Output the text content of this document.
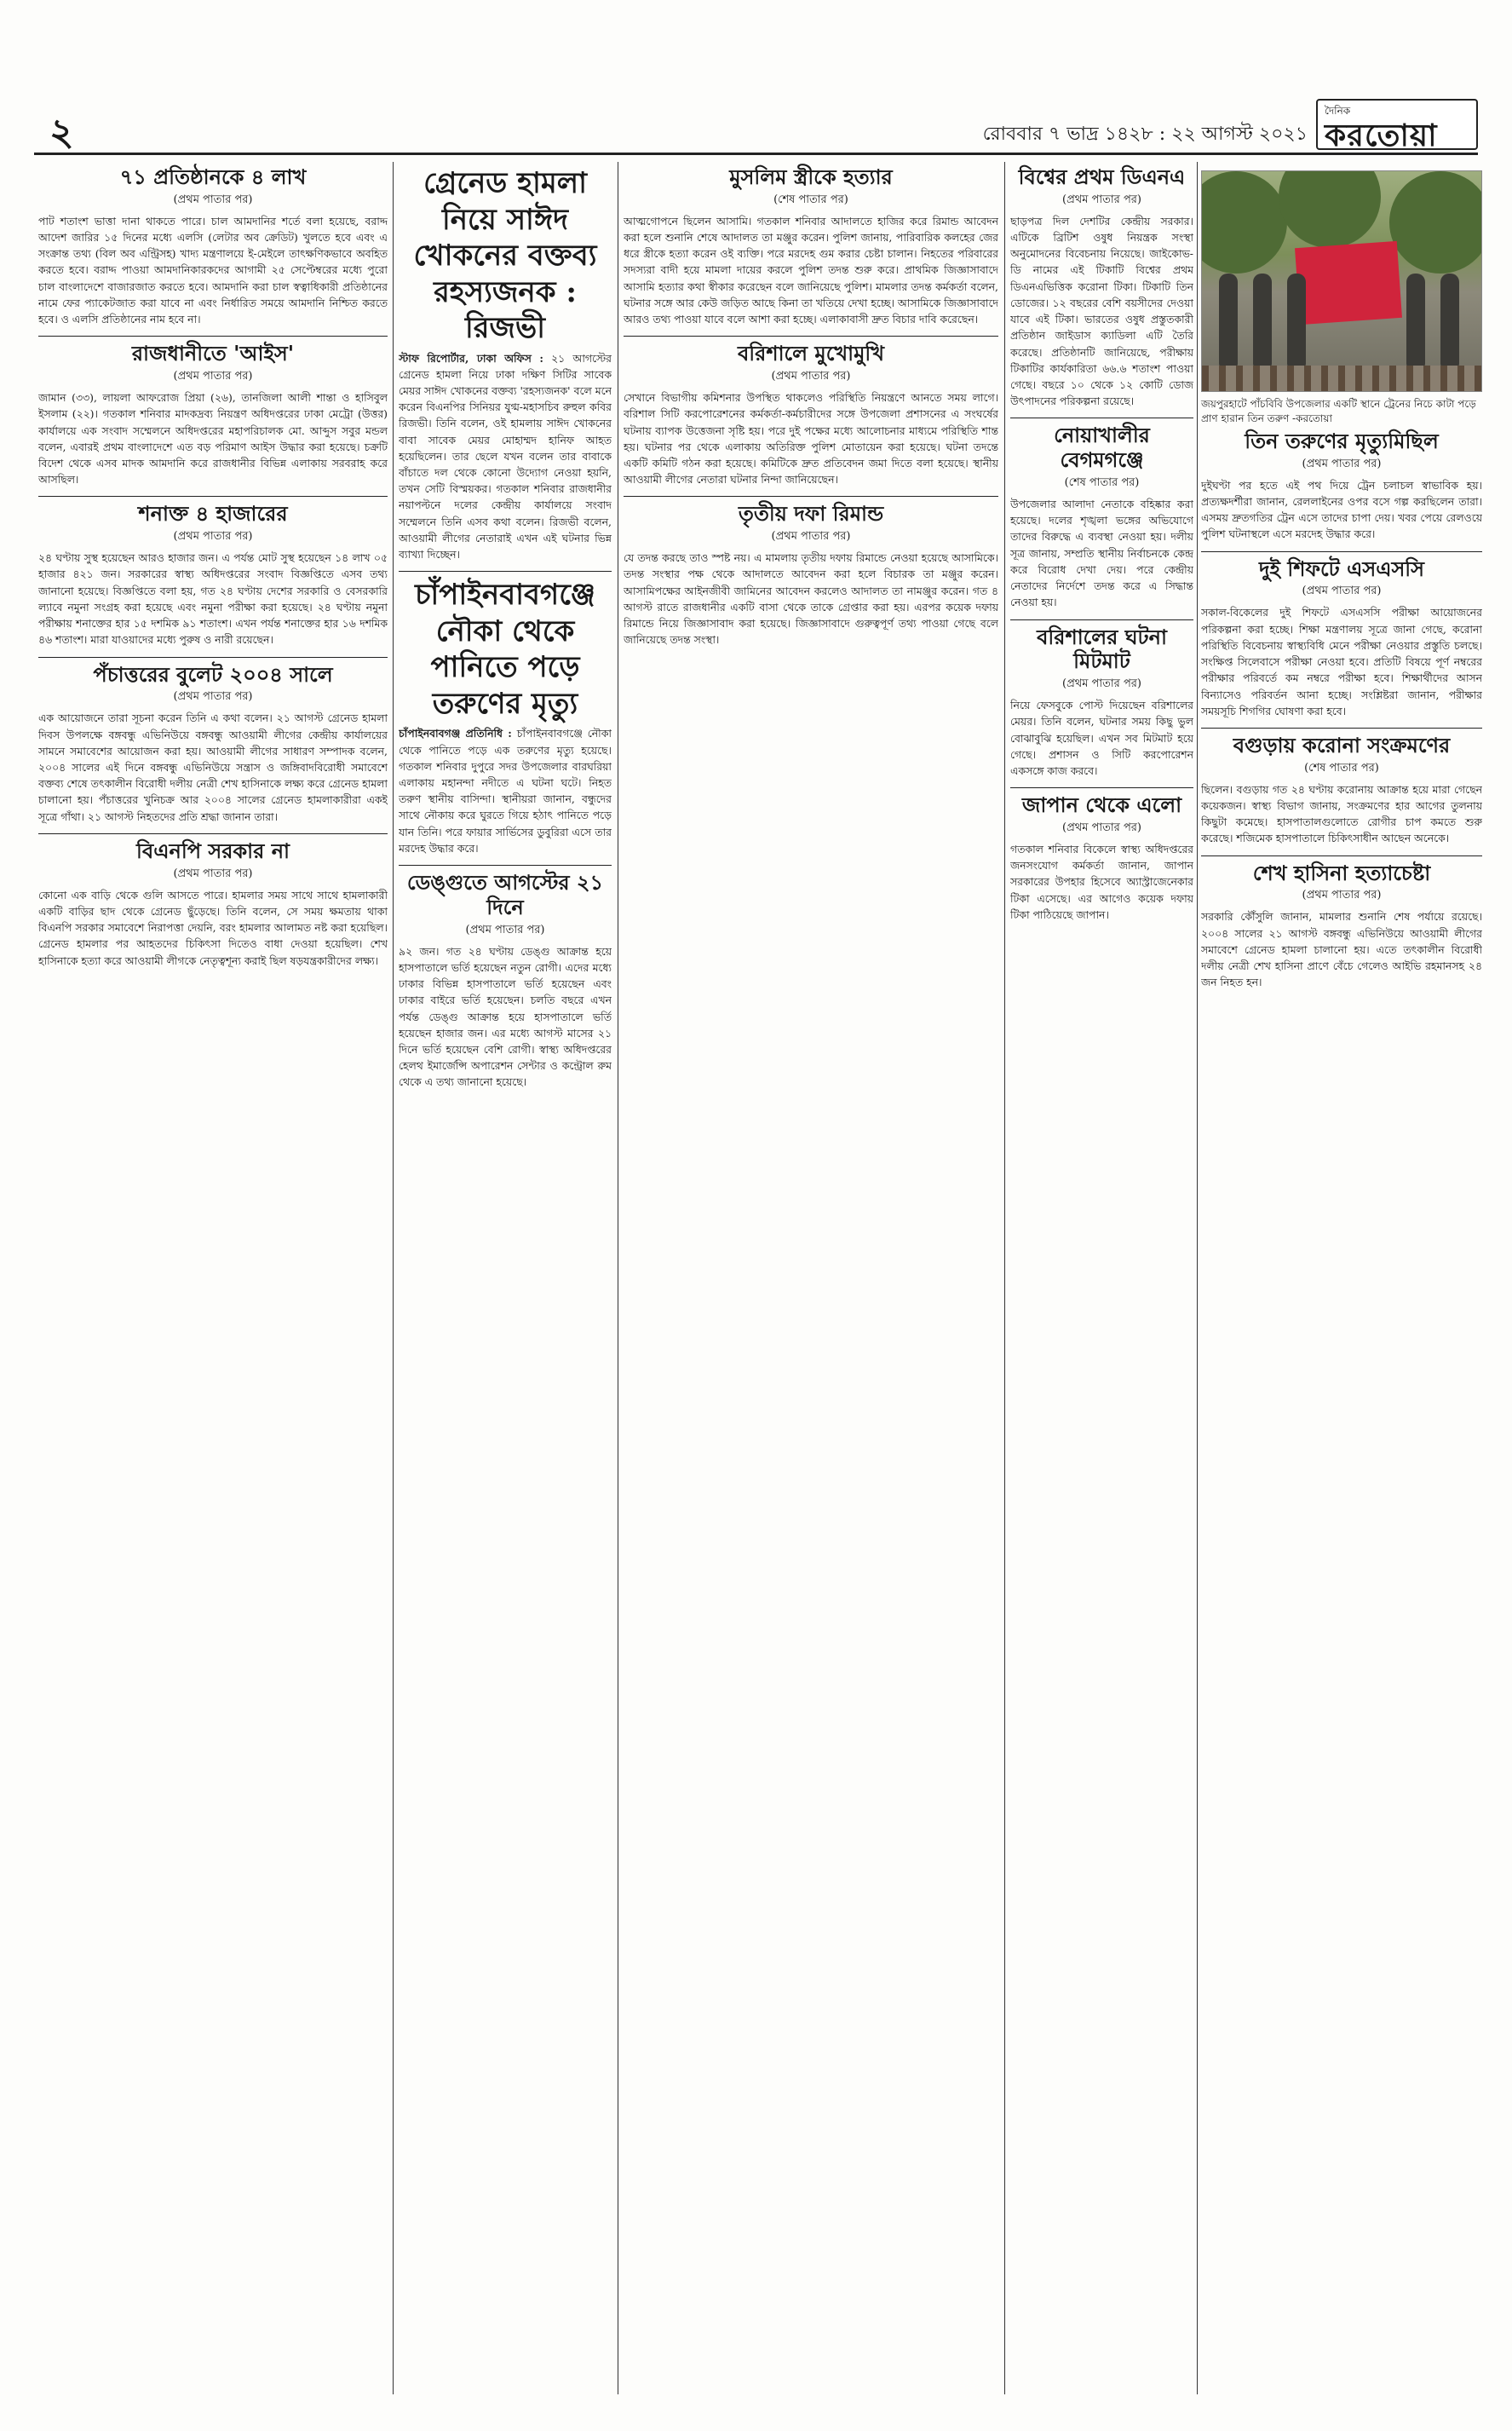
২	রোববার ৭ ভাদ্র ১৪২৮ : ২২ আগস্ট ২০২১
দৈনিক
করতোয়া
৭১ প্রতিষ্ঠানকে ৪ লাখ
(প্রথম পাতার পর)

পাট শতাংশ ভাত্তা দানা থাকতে পারে। চাল আমদানির শর্তে বলা হয়েছে, বরাদ্দ আদেশ জারির ১৫ দিনের মধ্যে এলসি (লেটার অব ক্রেডিট) খুলতে হবে এবং এ সংক্রান্ত তথ্য (বিল অব এন্ট্রিসহ) খাদ্য মন্ত্রণালয়ে ই-মেইলে তাৎক্ষণিকভাবে অবহিত করতে হবে। বরাদ্দ পাওয়া আমদানিকারকদের আগামী ২৫ সেপ্টেম্বরের মধ্যে পুরো চাল বাংলাদেশে বাজারজাত করতে হবে। আমদানি করা চাল স্বত্বাধিকারী প্রতিষ্ঠানের নামে ফের প্যাকেটজাত করা যাবে না এবং নির্ধারিত সময়ে আমদানি নিশ্চিত করতে হবে। ও এলসি প্রতিষ্ঠানের নাম হবে না।

রাজধানীতে 'আইস'
(প্রথম পাতার পর)

জামান (৩৩), লায়লা আফরোজ প্রিয়া (২৬), তানজিলা আলী শান্তা ও হাসিবুল ইসলাম (২২)। গতকাল শনিবার মাদকদ্রব্য নিয়ন্ত্রণ অধিদপ্তরের ঢাকা মেট্রো (উত্তর) কার্যালয়ে এক সংবাদ সম্মেলনে অধিদপ্তরের মহাপরিচালক মো. আব্দুস সবুর মন্ডল বলেন, এবারই প্রথম বাংলাদেশে এত বড় পরিমাণ আইস উদ্ধার করা হয়েছে। চক্রটি বিদেশ থেকে এসব মাদক আমদানি করে রাজধানীর বিভিন্ন এলাকায় সরবরাহ করে আসছিল।

শনাক্ত ৪ হাজারের
(প্রথম পাতার পর)

২৪ ঘণ্টায় সুস্থ হয়েছেন আরও হাজার জন। এ পর্যন্ত মোট সুস্থ হয়েছেন ১৪ লাখ ০৫ হাজার ৪২১ জন। সরকারের স্বাস্থ্য অধিদপ্তরের সংবাদ বিজ্ঞপ্তিতে এসব তথ্য জানানো হয়েছে। বিজ্ঞপ্তিতে বলা হয়, গত ২৪ ঘণ্টায় দেশের সরকারি ও বেসরকারি ল্যাবে নমুনা সংগ্রহ করা হয়েছে এবং নমুনা পরীক্ষা করা হয়েছে। ২৪ ঘণ্টায় নমুনা পরীক্ষায় শনাক্তের হার ১৫ দশমিক ৯১ শতাংশ। এখন পর্যন্ত শনাক্তের হার ১৬ দশমিক ৪৬ শতাংশ। মারা যাওয়াদের মধ্যে পুরুষ ও নারী রয়েছেন।

পঁচাত্তরের বুলেট ২০০৪ সালে
(প্রথম পাতার পর)

এক আয়োজনে তারা সূচনা করেন তিনি এ কথা বলেন। ২১ আগস্ট গ্রেনেড হামলা দিবস উপলক্ষে বঙ্গবন্ধু এভিনিউয়ে বঙ্গবন্ধু আওয়ামী লীগের কেন্দ্রীয় কার্যালয়ের সামনে সমাবেশের আয়োজন করা হয়। আওয়ামী লীগের সাধারণ সম্পাদক বলেন, ২০০৪ সালের এই দিনে বঙ্গবন্ধু এভিনিউয়ে সন্ত্রাস ও জঙ্গিবাদবিরোধী সমাবেশে বক্তব্য শেষে তৎকালীন বিরোধী দলীয় নেত্রী শেখ হাসিনাকে লক্ষ্য করে গ্রেনেড হামলা চালানো হয়। পঁচাত্তরের খুনিচক্র আর ২০০৪ সালের গ্রেনেড হামলাকারীরা একই সূত্রে গাঁথা। ২১ আগস্ট নিহতদের প্রতি শ্রদ্ধা জানান তারা।

বিএনপি সরকার না
(প্রথম পাতার পর)

কোনো এক বাড়ি থেকে গুলি আসতে পারে। হামলার সময় সাথে সাথে হামলাকারী একটি বাড়ির ছাদ থেকে গ্রেনেড ছুঁড়েছে। তিনি বলেন, সে সময় ক্ষমতায় থাকা বিএনপি সরকার সমাবেশে নিরাপত্তা দেয়নি, বরং হামলার আলামত নষ্ট করা হয়েছিল। গ্রেনেড হামলার পর আহতদের চিকিৎসা দিতেও বাধা দেওয়া হয়েছিল। শেখ হাসিনাকে হত্যা করে আওয়ামী লীগকে নেতৃত্বশূন্য করাই ছিল ষড়যন্ত্রকারীদের লক্ষ্য।

গ্রেনেড হামলা নিয়ে সাঈদ খোকনের বক্তব্য রহস্যজনক : রিজভী

স্টাফ রিপোর্টার, ঢাকা অফিস : ২১ আগস্টের গ্রেনেড হামলা নিয়ে ঢাকা দক্ষিণ সিটির সাবেক মেয়র সাঈদ খোকনের বক্তব্য 'রহস্যজনক' বলে মনে করেন বিএনপির সিনিয়র যুগ্ম-মহাসচিব রুহুল কবির রিজভী। তিনি বলেন, ওই হামলায় সাঈদ খোকনের বাবা সাবেক মেয়র মোহাম্মদ হানিফ আহত হয়েছিলেন। তার ছেলে যখন বলেন তার বাবাকে বাঁচাতে দল থেকে কোনো উদ্যোগ নেওয়া হয়নি, তখন সেটি বিস্ময়কর। গতকাল শনিবার রাজধানীর নয়াপল্টনে দলের কেন্দ্রীয় কার্যালয়ে সংবাদ সম্মেলনে তিনি এসব কথা বলেন। রিজভী বলেন, আওয়ামী লীগের নেতারাই এখন এই ঘটনার ভিন্ন ব্যাখ্যা দিচ্ছেন।

চাঁপাইনবাবগঞ্জে নৌকা থেকে পানিতে পড়ে তরুণের মৃত্যু

চাঁপাইনবাবগঞ্জ প্রতিনিধি : চাঁপাইনবাবগঞ্জে নৌকা থেকে পানিতে পড়ে এক তরুণের মৃত্যু হয়েছে। গতকাল শনিবার দুপুরে সদর উপজেলার বারঘরিয়া এলাকায় মহানন্দা নদীতে এ ঘটনা ঘটে। নিহত তরুণ স্থানীয় বাসিন্দা। স্থানীয়রা জানান, বন্ধুদের সাথে নৌকায় করে ঘুরতে গিয়ে হঠাৎ পানিতে পড়ে যান তিনি। পরে ফায়ার সার্ভিসের ডুবুরিরা এসে তার মরদেহ উদ্ধার করে।

ডেঙ্গুতে আগস্টের ২১ দিনে
(প্রথম পাতার পর)

৯২ জন। গত ২৪ ঘণ্টায় ডেঙ্গু আক্রান্ত হয়ে হাসপাতালে ভর্তি হয়েছেন নতুন রোগী। এদের মধ্যে ঢাকার বিভিন্ন হাসপাতালে ভর্তি হয়েছেন এবং ঢাকার বাইরে ভর্তি হয়েছেন। চলতি বছরে এখন পর্যন্ত ডেঙ্গু আক্রান্ত হয়ে হাসপাতালে ভর্তি হয়েছেন হাজার জন। এর মধ্যে আগস্ট মাসের ২১ দিনে ভর্তি হয়েছেন বেশি রোগী। স্বাস্থ্য অধিদপ্তরের হেলথ ইমার্জেন্সি অপারেশন সেন্টার ও কন্ট্রোল রুম থেকে এ তথ্য জানানো হয়েছে।

মুসলিম স্ত্রীকে হত্যার
(শেষ পাতার পর)

আত্মগোপনে ছিলেন আসামি। গতকাল শনিবার আদালতে হাজির করে রিমান্ড আবেদন করা হলে শুনানি শেষে আদালত তা মঞ্জুর করেন। পুলিশ জানায়, পারিবারিক কলহের জের ধরে স্ত্রীকে হত্যা করেন ওই ব্যক্তি। পরে মরদেহ গুম করার চেষ্টা চালান। নিহতের পরিবারের সদস্যরা বাদী হয়ে মামলা দায়ের করলে পুলিশ তদন্ত শুরু করে। প্রাথমিক জিজ্ঞাসাবাদে আসামি হত্যার কথা স্বীকার করেছেন বলে জানিয়েছে পুলিশ। মামলার তদন্ত কর্মকর্তা বলেন, ঘটনার সঙ্গে আর কেউ জড়িত আছে কিনা তা খতিয়ে দেখা হচ্ছে। আসামিকে জিজ্ঞাসাবাদে আরও তথ্য পাওয়া যাবে বলে আশা করা হচ্ছে। এলাকাবাসী দ্রুত বিচার দাবি করেছেন।

বরিশালে মুখোমুখি
(প্রথম পাতার পর)

সেখানে বিভাগীয় কমিশনার উপস্থিত থাকলেও পরিস্থিতি নিয়ন্ত্রণে আনতে সময় লাগে। বরিশাল সিটি করপোরেশনের কর্মকর্তা-কর্মচারীদের সঙ্গে উপজেলা প্রশাসনের এ সংঘর্ষের ঘটনায় ব্যাপক উত্তেজনা সৃষ্টি হয়। পরে দুই পক্ষের মধ্যে আলোচনার মাধ্যমে পরিস্থিতি শান্ত হয়। ঘটনার পর থেকে এলাকায় অতিরিক্ত পুলিশ মোতায়েন করা হয়েছে। ঘটনা তদন্তে একটি কমিটি গঠন করা হয়েছে। কমিটিকে দ্রুত প্রতিবেদন জমা দিতে বলা হয়েছে। স্থানীয় আওয়ামী লীগের নেতারা ঘটনার নিন্দা জানিয়েছেন।

তৃতীয় দফা রিমান্ড
(প্রথম পাতার পর)

যে তদন্ত করছে তাও স্পষ্ট নয়। এ মামলায় তৃতীয় দফায় রিমান্ডে নেওয়া হয়েছে আসামিকে। তদন্ত সংস্থার পক্ষ থেকে আদালতে আবেদন করা হলে বিচারক তা মঞ্জুর করেন। আসামিপক্ষের আইনজীবী জামিনের আবেদন করলেও আদালত তা নামঞ্জুর করেন। গত ৪ আগস্ট রাতে রাজধানীর একটি বাসা থেকে তাকে গ্রেপ্তার করা হয়। এরপর কয়েক দফায় রিমান্ডে নিয়ে জিজ্ঞাসাবাদ করা হয়েছে। জিজ্ঞাসাবাদে গুরুত্বপূর্ণ তথ্য পাওয়া গেছে বলে জানিয়েছে তদন্ত সংস্থা।

বিশ্বের প্রথম ডিএনএ
(প্রথম পাতার পর)

ছাড়পত্র দিল দেশটির কেন্দ্রীয় সরকার। এটিকে ব্রিটিশ ওষুধ নিয়ন্ত্রক সংস্থা অনুমোদনের বিবেচনায় নিয়েছে। জাইকোভ-ডি নামের এই টিকাটি বিশ্বের প্রথম ডিএনএভিত্তিক করোনা টিকা। টিকাটি তিন ডোজের। ১২ বছরের বেশি বয়সীদের দেওয়া যাবে এই টিকা। ভারতের ওষুধ প্রস্তুতকারী প্রতিষ্ঠান জাইডাস ক্যাডিলা এটি তৈরি করেছে। প্রতিষ্ঠানটি জানিয়েছে, পরীক্ষায় টিকাটির কার্যকারিতা ৬৬.৬ শতাংশ পাওয়া গেছে। বছরে ১০ থেকে ১২ কোটি ডোজ উৎপাদনের পরিকল্পনা রয়েছে।

নোয়াখালীর বেগমগঞ্জে
(শেষ পাতার পর)

উপজেলার আলাদা নেতাকে বহিষ্কার করা হয়েছে। দলের শৃঙ্খলা ভঙ্গের অভিযোগে তাদের বিরুদ্ধে এ ব্যবস্থা নেওয়া হয়। দলীয় সূত্র জানায়, সম্প্রতি স্থানীয় নির্বাচনকে কেন্দ্র করে বিরোধ দেখা দেয়। পরে কেন্দ্রীয় নেতাদের নির্দেশে তদন্ত করে এ সিদ্ধান্ত নেওয়া হয়।

বরিশালের ঘটনা মিটমাট
(প্রথম পাতার পর)

নিয়ে ফেসবুকে পোস্ট দিয়েছেন বরিশালের মেয়র। তিনি বলেন, ঘটনার সময় কিছু ভুল বোঝাবুঝি হয়েছিল। এখন সব মিটমাট হয়ে গেছে। প্রশাসন ও সিটি করপোরেশন একসঙ্গে কাজ করবে।

জাপান থেকে এলো
(প্রথম পাতার পর)

গতকাল শনিবার বিকেলে স্বাস্থ্য অধিদপ্তরের জনসংযোগ কর্মকর্তা জানান, জাপান সরকারের উপহার হিসেবে অ্যাস্ট্রাজেনেকার টিকা এসেছে। এর আগেও কয়েক দফায় টিকা পাঠিয়েছে জাপান।

জয়পুরহাটে পাঁচবিবি উপজেলার একটি স্থানে ট্রেনের নিচে কাটা পড়ে প্রাণ হারান তিন তরুণ -করতোয়া
তিন তরুণের মৃত্যুমিছিল
(প্রথম পাতার পর)

দুইঘণ্টা পর হতে এই পথ দিয়ে ট্রেন চলাচল স্বাভাবিক হয়। প্রত্যক্ষদর্শীরা জানান, রেললাইনের ওপর বসে গল্প করছিলেন তারা। এসময় দ্রুতগতির ট্রেন এসে তাদের চাপা দেয়। খবর পেয়ে রেলওয়ে পুলিশ ঘটনাস্থলে এসে মরদেহ উদ্ধার করে।

দুই শিফটে এসএসসি
(প্রথম পাতার পর)

সকাল-বিকেলের দুই শিফটে এসএসসি পরীক্ষা আয়োজনের পরিকল্পনা করা হচ্ছে। শিক্ষা মন্ত্রণালয় সূত্রে জানা গেছে, করোনা পরিস্থিতি বিবেচনায় স্বাস্থ্যবিধি মেনে পরীক্ষা নেওয়ার প্রস্তুতি চলছে। সংক্ষিপ্ত সিলেবাসে পরীক্ষা নেওয়া হবে। প্রতিটি বিষয়ে পূর্ণ নম্বরের পরীক্ষার পরিবর্তে কম নম্বরে পরীক্ষা হবে। শিক্ষার্থীদের আসন বিন্যাসেও পরিবর্তন আনা হচ্ছে। সংশ্লিষ্টরা জানান, পরীক্ষার সময়সূচি শিগগির ঘোষণা করা হবে।

বগুড়ায় করোনা সংক্রমণের
(শেষ পাতার পর)

ছিলেন। বগুড়ায় গত ২৪ ঘণ্টায় করোনায় আক্রান্ত হয়ে মারা গেছেন কয়েকজন। স্বাস্থ্য বিভাগ জানায়, সংক্রমণের হার আগের তুলনায় কিছুটা কমেছে। হাসপাতালগুলোতে রোগীর চাপ কমতে শুরু করেছে। শজিমেক হাসপাতালে চিকিৎসাধীন আছেন অনেকে।

শেখ হাসিনা হত্যাচেষ্টা
(প্রথম পাতার পর)

সরকারি কৌঁসুলি জানান, মামলার শুনানি শেষ পর্যায়ে রয়েছে। ২০০৪ সালের ২১ আগস্ট বঙ্গবন্ধু এভিনিউয়ে আওয়ামী লীগের সমাবেশে গ্রেনেড হামলা চালানো হয়। এতে তৎকালীন বিরোধী দলীয় নেত্রী শেখ হাসিনা প্রাণে বেঁচে গেলেও আইভি রহমানসহ ২৪ জন নিহত হন।
